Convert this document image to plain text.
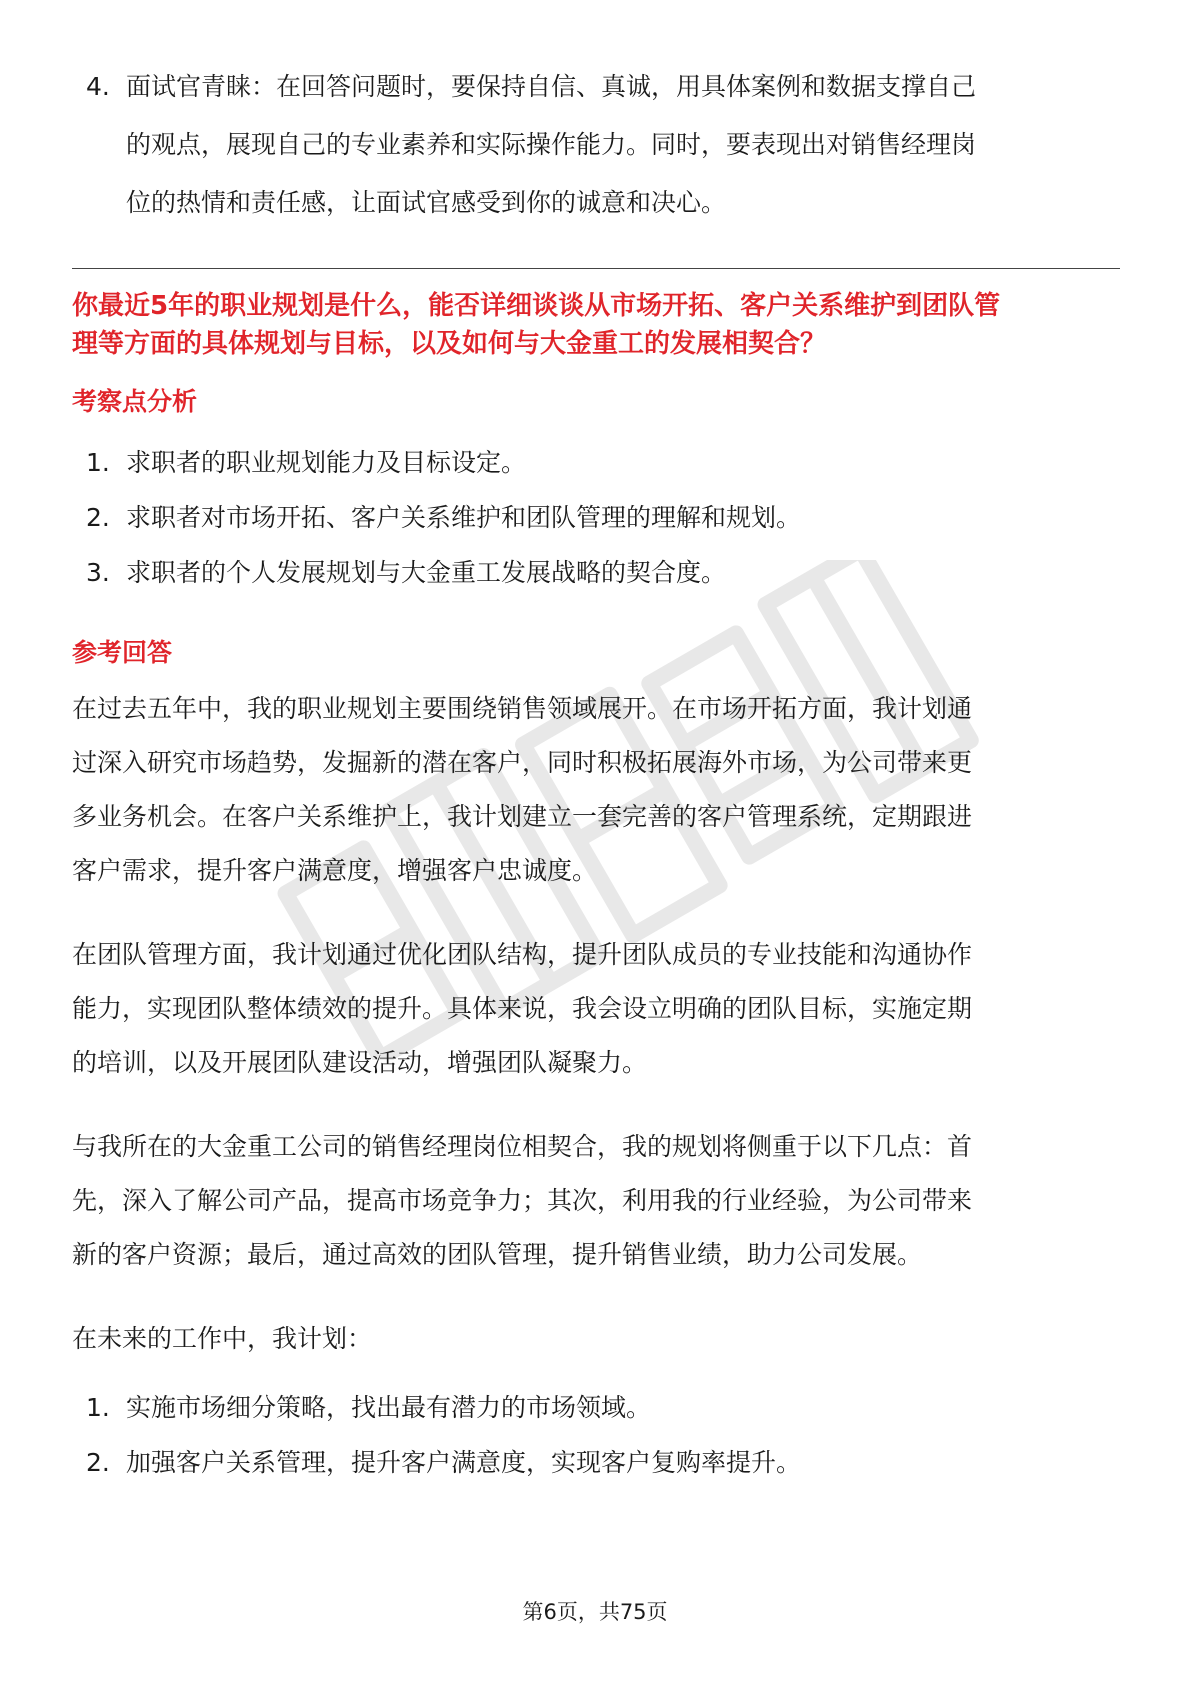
4. 面试官青睐：在回答问题时，要保持自信、真诚，用具体案例和数据支撑自己
的观点，展现自己的专业素养和实际操作能力。同时，要表现出对销售经理岗
位的热情和责任感，让面试官感受到你的诚意和决心。

你最近5年的职业规划是什么，能否详细谈谈从市场开拓、客户关系维护到团队管
理等方面的具体规划与目标，以及如何与大金重工的发展相契合？

考察点分析
1. 求职者的职业规划能力及目标设定。
2. 求职者对市场开拓、客户关系维护和团队管理的理解和规划。
3. 求职者的个人发展规划与大金重工发展战略的契合度。
参考回答

在过去五年中，我的职业规划主要围绕销售领域展开。在市场开拓方面，我计划通
过深入研究市场趋势，发掘新的潜在客户，同时积极拓展海外市场，为公司带来更
多业务机会。在客户关系维护上，我计划建立一套完善的客户管理系统，定期跟进
客户需求，提升客户满意度，增强客户忠诚度。

在团队管理方面，我计划通过优化团队结构，提升团队成员的专业技能和沟通协作
能力，实现团队整体绩效的提升。具体来说，我会设立明确的团队目标，实施定期
的培训，以及开展团队建设活动，增强团队凝聚力。

与我所在的大金重工公司的销售经理岗位相契合，我的规划将侧重于以下几点：首
先，深入了解公司产品，提高市场竞争力；其次，利用我的行业经验，为公司带来
新的客户资源；最后，通过高效的团队管理，提升销售业绩，助力公司发展。

在未来的工作中，我计划：

1. 实施市场细分策略，找出最有潜力的市场领域。
2. 加强客户关系管理，提升客户满意度，实现客户复购率提升。
第6页，共75页
